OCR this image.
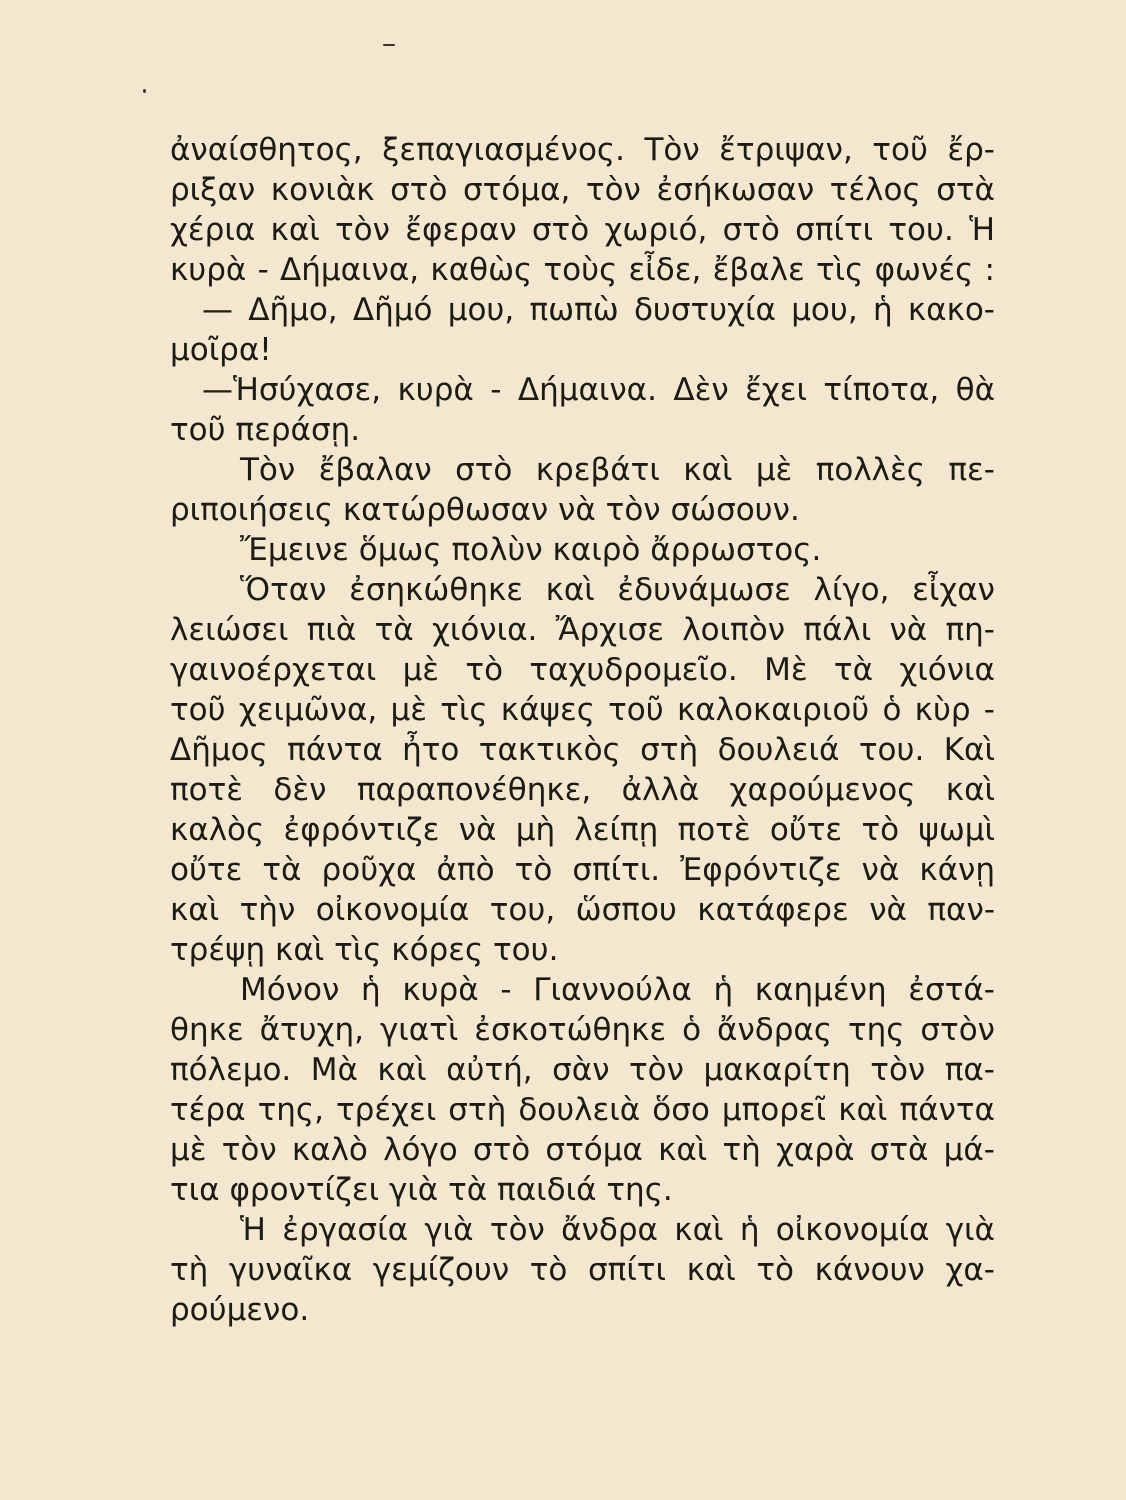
ἀναίσθητος, ξεπαγιασμένος. Τὸν ἔτριψαν, τοῦ ἔρ-
ριξαν κονιὰκ στὸ στόμα, τὸν ἐσήκωσαν τέλος στὰ
χέρια καὶ τὸν ἔφεραν στὸ χωριό, στὸ σπίτι του. Ἡ
κυρὰ - Δήμαινα, καθὼς τοὺς εἶδε, ἔβαλε τὶς φωνές :
— Δῆμο, Δῆμό μου, πωπὼ δυστυχία μου, ἡ κακο-
μοῖρα!
—Ἡσύχασε, κυρὰ - Δήμαινα. Δὲν ἔχει τίποτα, θὰ
τοῦ περάσῃ.
Τὸν ἔβαλαν στὸ κρεβάτι καὶ μὲ πολλὲς πε-
ριποιήσεις κατώρθωσαν νὰ τὸν σώσουν.
Ἔμεινε ὅμως πολὺν καιρὸ ἄρρωστος.
Ὅταν ἐσηκώθηκε καὶ ἐδυνάμωσε λίγο, εἶχαν
λειώσει πιὰ τὰ χιόνια. Ἄρχισε λοιπὸν πάλι νὰ πη-
γαινοέρχεται μὲ τὸ ταχυδρομεῖο. Μὲ τὰ χιόνια
τοῦ χειμῶνα, μὲ τὶς κάψες τοῦ καλοκαιριοῦ ὁ κὺρ -
Δῆμος πάντα ἦτο τακτικὸς στὴ δουλειά του. Καὶ
ποτὲ δὲν παραπονέθηκε, ἀλλὰ χαρούμενος καὶ
καλὸς ἐφρόντιζε νὰ μὴ λείπῃ ποτὲ οὔτε τὸ ψωμὶ
οὔτε τὰ ροῦχα ἀπὸ τὸ σπίτι. Ἐφρόντιζε νὰ κάνῃ
καὶ τὴν οἰκονομία του, ὥσπου κατάφερε νὰ παν-
τρέψῃ καὶ τὶς κόρες του.
Μόνον ἡ κυρὰ - Γιαννούλα ἡ καημένη ἐστά-
θηκε ἄτυχη, γιατὶ ἐσκοτώθηκε ὁ ἄνδρας της στὸν
πόλεμο. Μὰ καὶ αὐτή, σὰν τὸν μακαρίτη τὸν πα-
τέρα της, τρέχει στὴ δουλειὰ ὅσο μπορεῖ καὶ πάντα
μὲ τὸν καλὸ λόγο στὸ στόμα καὶ τὴ χαρὰ στὰ μά-
τια φροντίζει γιὰ τὰ παιδιά της.
Ἡ ἐργασία γιὰ τὸν ἄνδρα καὶ ἡ οἰκονομία γιὰ
τὴ γυναῖκα γεμίζουν τὸ σπίτι καὶ τὸ κάνουν χα-
ρούμενο.
